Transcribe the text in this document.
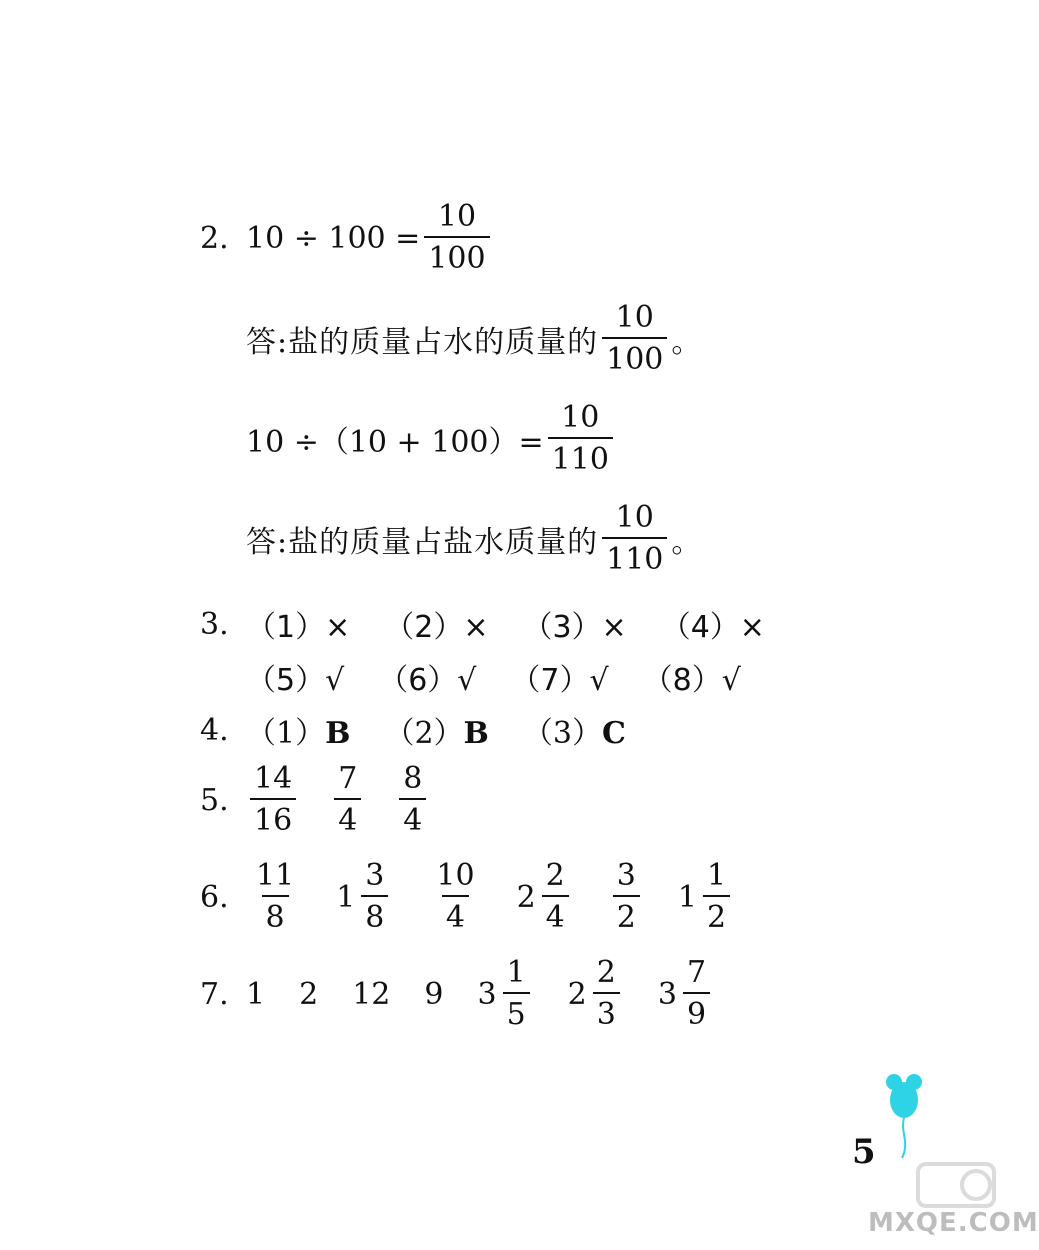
2. $10 \div 100 = \frac{10}{100}$
答:盐的质量占水的质量的 $\frac{10}{100}$ 。
$10 \div(10 + 100)= \frac{10}{110}$
答:盐的质量占盐水质量的 $\frac{10}{110}$ 。
3. （1）× （2）× （3）× （4）×
（5）√ （6）√ （7）√ （8）√
4. （1）B （2）B （3）C
5. $\frac{14}{16} \frac{7}{4} \frac{8}{4}$
6. $\frac{11}{8} 1 \frac{3}{8} \frac{10}{4} 2 \frac{2}{4} \frac{3}{2} 1 \frac{1}{2}$
7. 1 2 12 9 $3 \frac{1}{5} 2 \frac{2}{3} 3 \frac{7}{9}$
5
MXQE.COM
